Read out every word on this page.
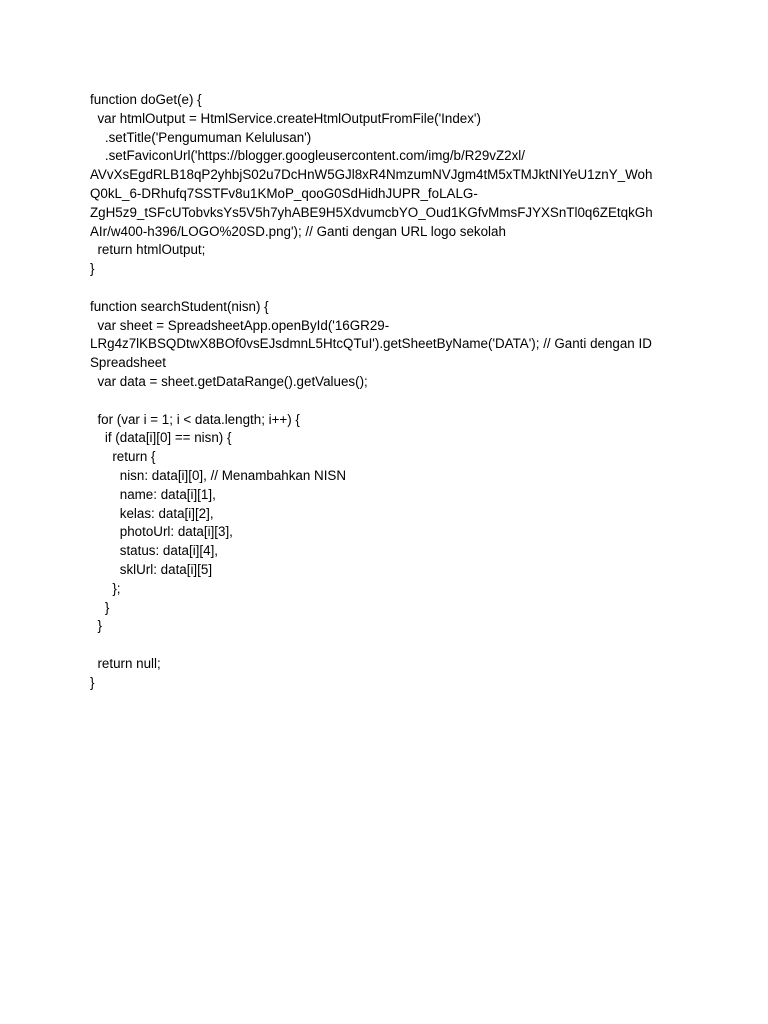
function doGet(e) {
var htmlOutput = HtmlService.createHtmlOutputFromFile('Index')
.setTitle('Pengumuman Kelulusan')
.setFaviconUrl('https://blogger.googleusercontent.com/img/b/R29vZ2xl/
AVvXsEgdRLB18qP2yhbjS02u7DcHnW5GJl8xR4NmzumNVJgm4tM5xTMJktNIYeU1znY_Woh
Q0kL_6-DRhufq7SSTFv8u1KMoP_qooG0SdHidhJUPR_foLALG-
ZgH5z9_tSFcUTobvksYs5V5h7yhABE9H5XdvumcbYO_Oud1KGfvMmsFJYXSnTl0q6ZEtqkGh
AIr/w400-h396/LOGO%20SD.png'); // Ganti dengan URL logo sekolah
return htmlOutput;
}
function searchStudent(nisn) {
var sheet = SpreadsheetApp.openById('16GR29-
LRg4z7lKBSQDtwX8BOf0vsEJsdmnL5HtcQTuI').getSheetByName('DATA'); // Ganti dengan ID
Spreadsheet
var data = sheet.getDataRange().getValues();
for (var i = 1; i < data.length; i++) {
if (data[i][0] == nisn) {
return {
nisn: data[i][0], // Menambahkan NISN
name: data[i][1],
kelas: data[i][2],
photoUrl: data[i][3],
status: data[i][4],
sklUrl: data[i][5]
};
}
}
return null;
}
